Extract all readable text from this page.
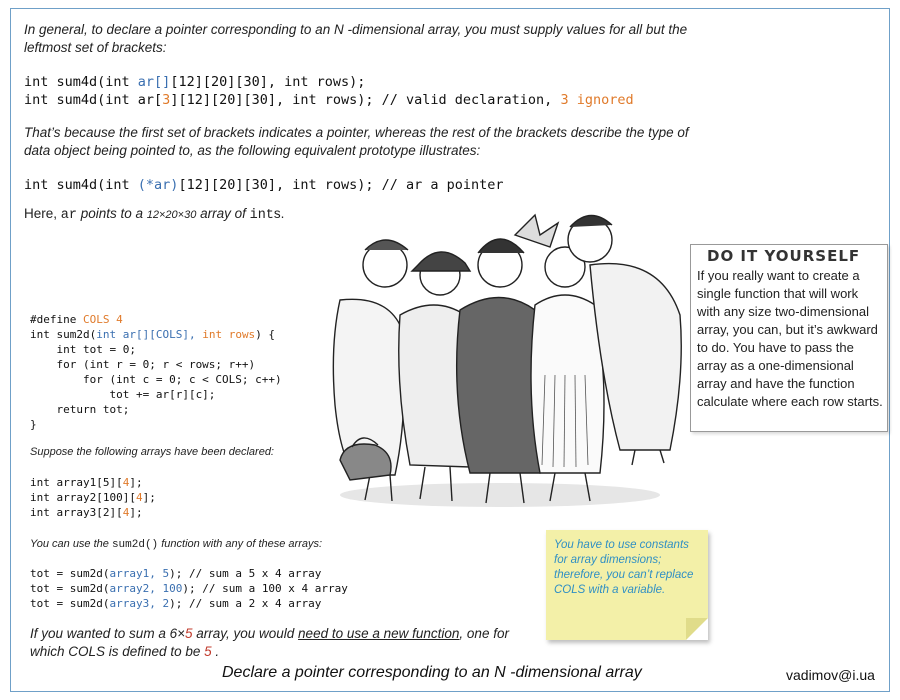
In general, to declare a pointer corresponding to an N -dimensional array, you must supply values for all but the
leftmost set of brackets:
int sum4d(int ar[][12][20][30], int rows);
int sum4d(int ar[3][12][20][30], int rows); // valid declaration, 3 ignored
That’s because the first set of brackets indicates a pointer, whereas the rest of the brackets describe the type of
data object being pointed to, as the following equivalent prototype illustrates:
int sum4d(int (*ar)[12][20][30], int rows); // ar a pointer
Here, ar points to a 12×20×30 array of ints.
DO IT YOURSELF
If you really want to create a single function that will work with any size two-dimensional array, you can, but it’s awkward to do. You have to pass the array as a one-dimensional array and have the function calculate where each row starts.
#define COLS 4
int sum2d(int ar[][COLS], int rows) {
int tot = 0;
for (int r = 0; r < rows; r++)
for (int c = 0; c < COLS; c++)
tot += ar[r][c];
return tot;
}
Suppose the following arrays have been declared:
int array1[5][4];
int array2[100][4];
int array3[2][4];
You can use the sum2d() function with any of these arrays:
tot = sum2d(array1, 5); // sum a 5 x 4 array
tot = sum2d(array2, 100); // sum a 100 x 4 array
tot = sum2d(array3, 2); // sum a 2 x 4 array
You have to use constants for array dimensions; therefore, you can’t replace COLS with a variable.
If you wanted to sum a 6×5 array, you would need to use a new function, one for
which COLS is defined to be 5 .
Declare a pointer corresponding to an N -dimensional array	vadimov@i.ua
